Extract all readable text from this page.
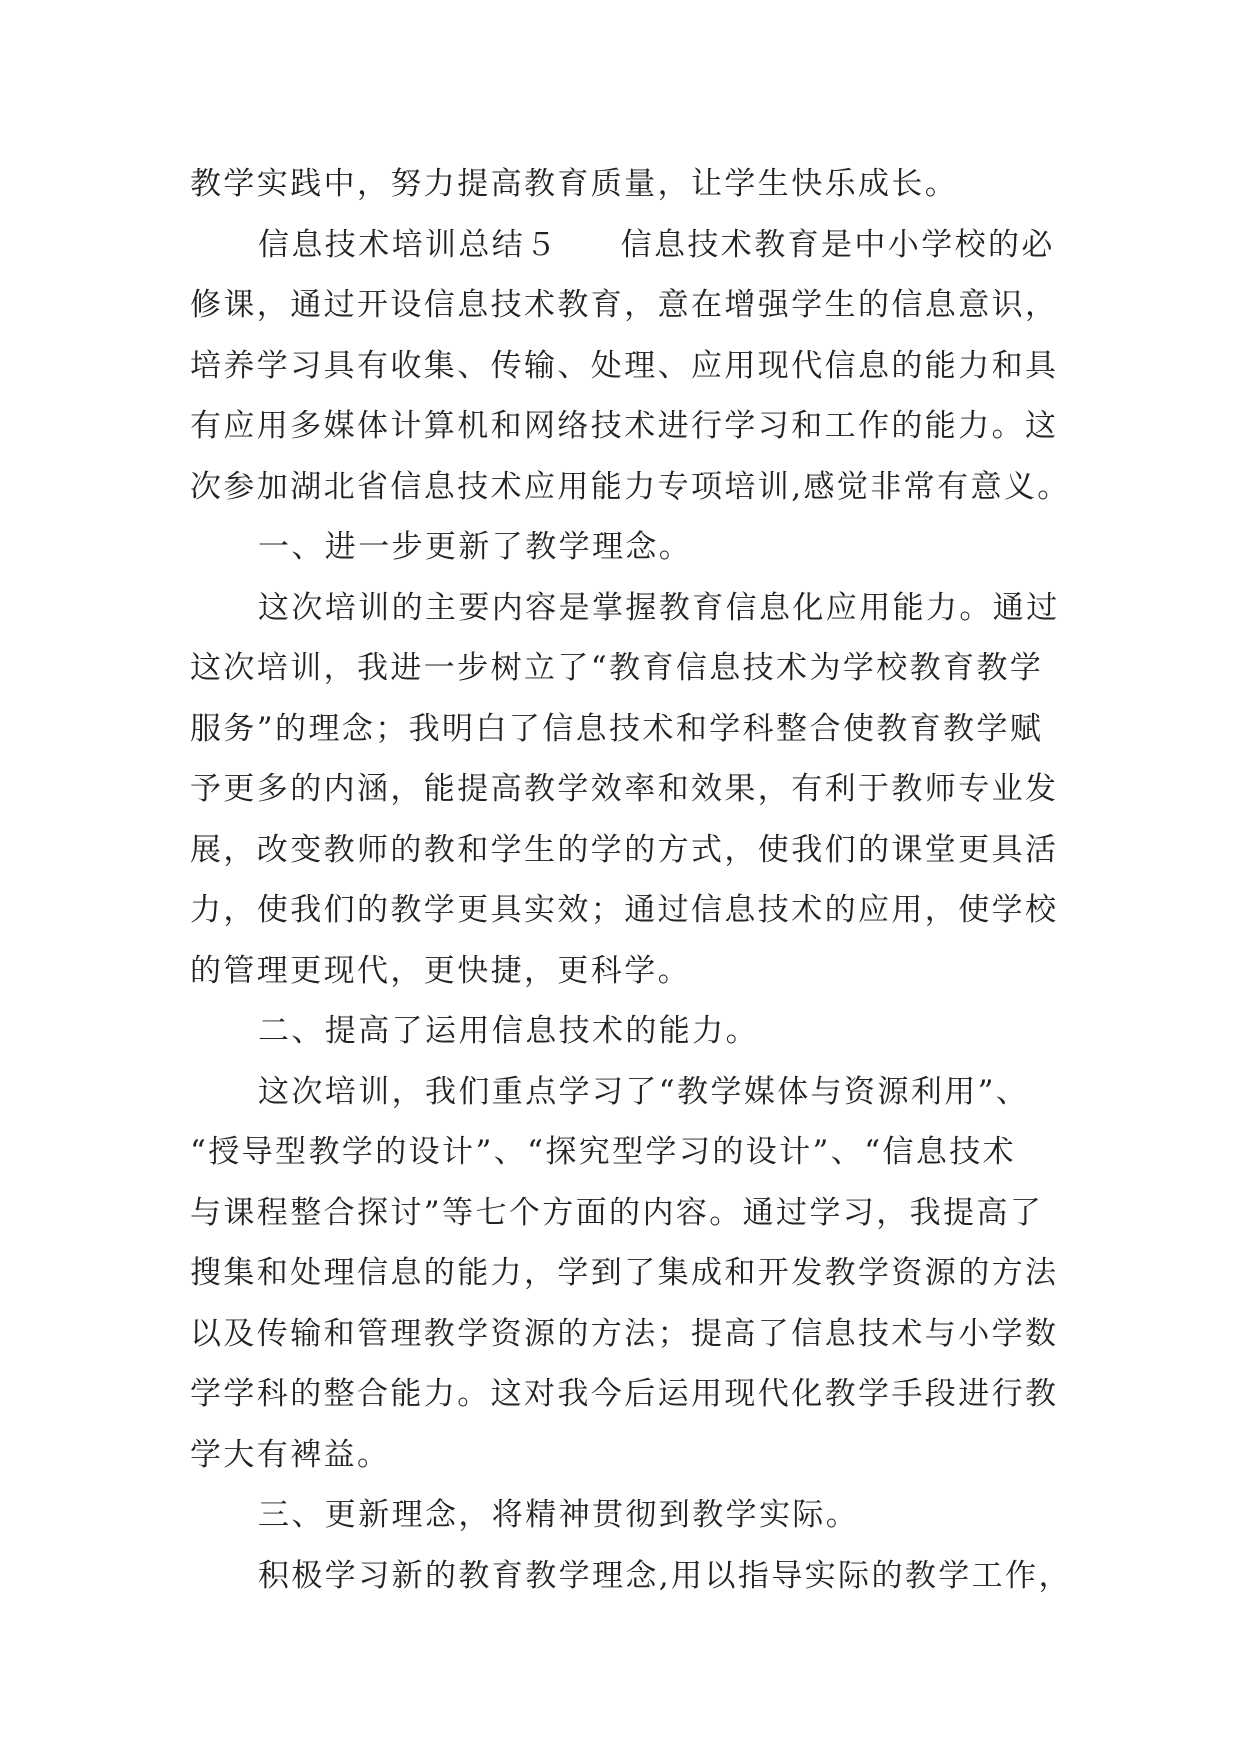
教学实践中，努力提高教育质量，让学生快乐成长。
信息技术培训总结５ 信息技术教育是中小学校的必
修课，通过开设信息技术教育，意在增强学生的信息意识，
培养学习具有收集、传输、处理、应用现代信息的能力和具
有应用多媒体计算机和网络技术进行学习和工作的能力。这
次参加湖北省信息技术应用能力专项培训,感觉非常有意义。
一、进一步更新了教学理念。
这次培训的主要内容是掌握教育信息化应用能力。通过
这次培训，我进一步树立了“教育信息技术为学校教育教学
服务”的理念；我明白了信息技术和学科整合使教育教学赋
予更多的内涵，能提高教学效率和效果，有利于教师专业发
展，改变教师的教和学生的学的方式，使我们的课堂更具活
力，使我们的教学更具实效；通过信息技术的应用，使学校
的管理更现代，更快捷，更科学。
二、提高了运用信息技术的能力。
这次培训，我们重点学习了“教学媒体与资源利用”、
“授导型教学的设计”、“探究型学习的设计”、“信息技术
与课程整合探讨”等七个方面的内容。通过学习，我提高了
搜集和处理信息的能力，学到了集成和开发教学资源的方法
以及传输和管理教学资源的方法；提高了信息技术与小学数
学学科的整合能力。这对我今后运用现代化教学手段进行教
学大有裨益。
三、更新理念，将精神贯彻到教学实际。
积极学习新的教育教学理念,用以指导实际的教学工作，
